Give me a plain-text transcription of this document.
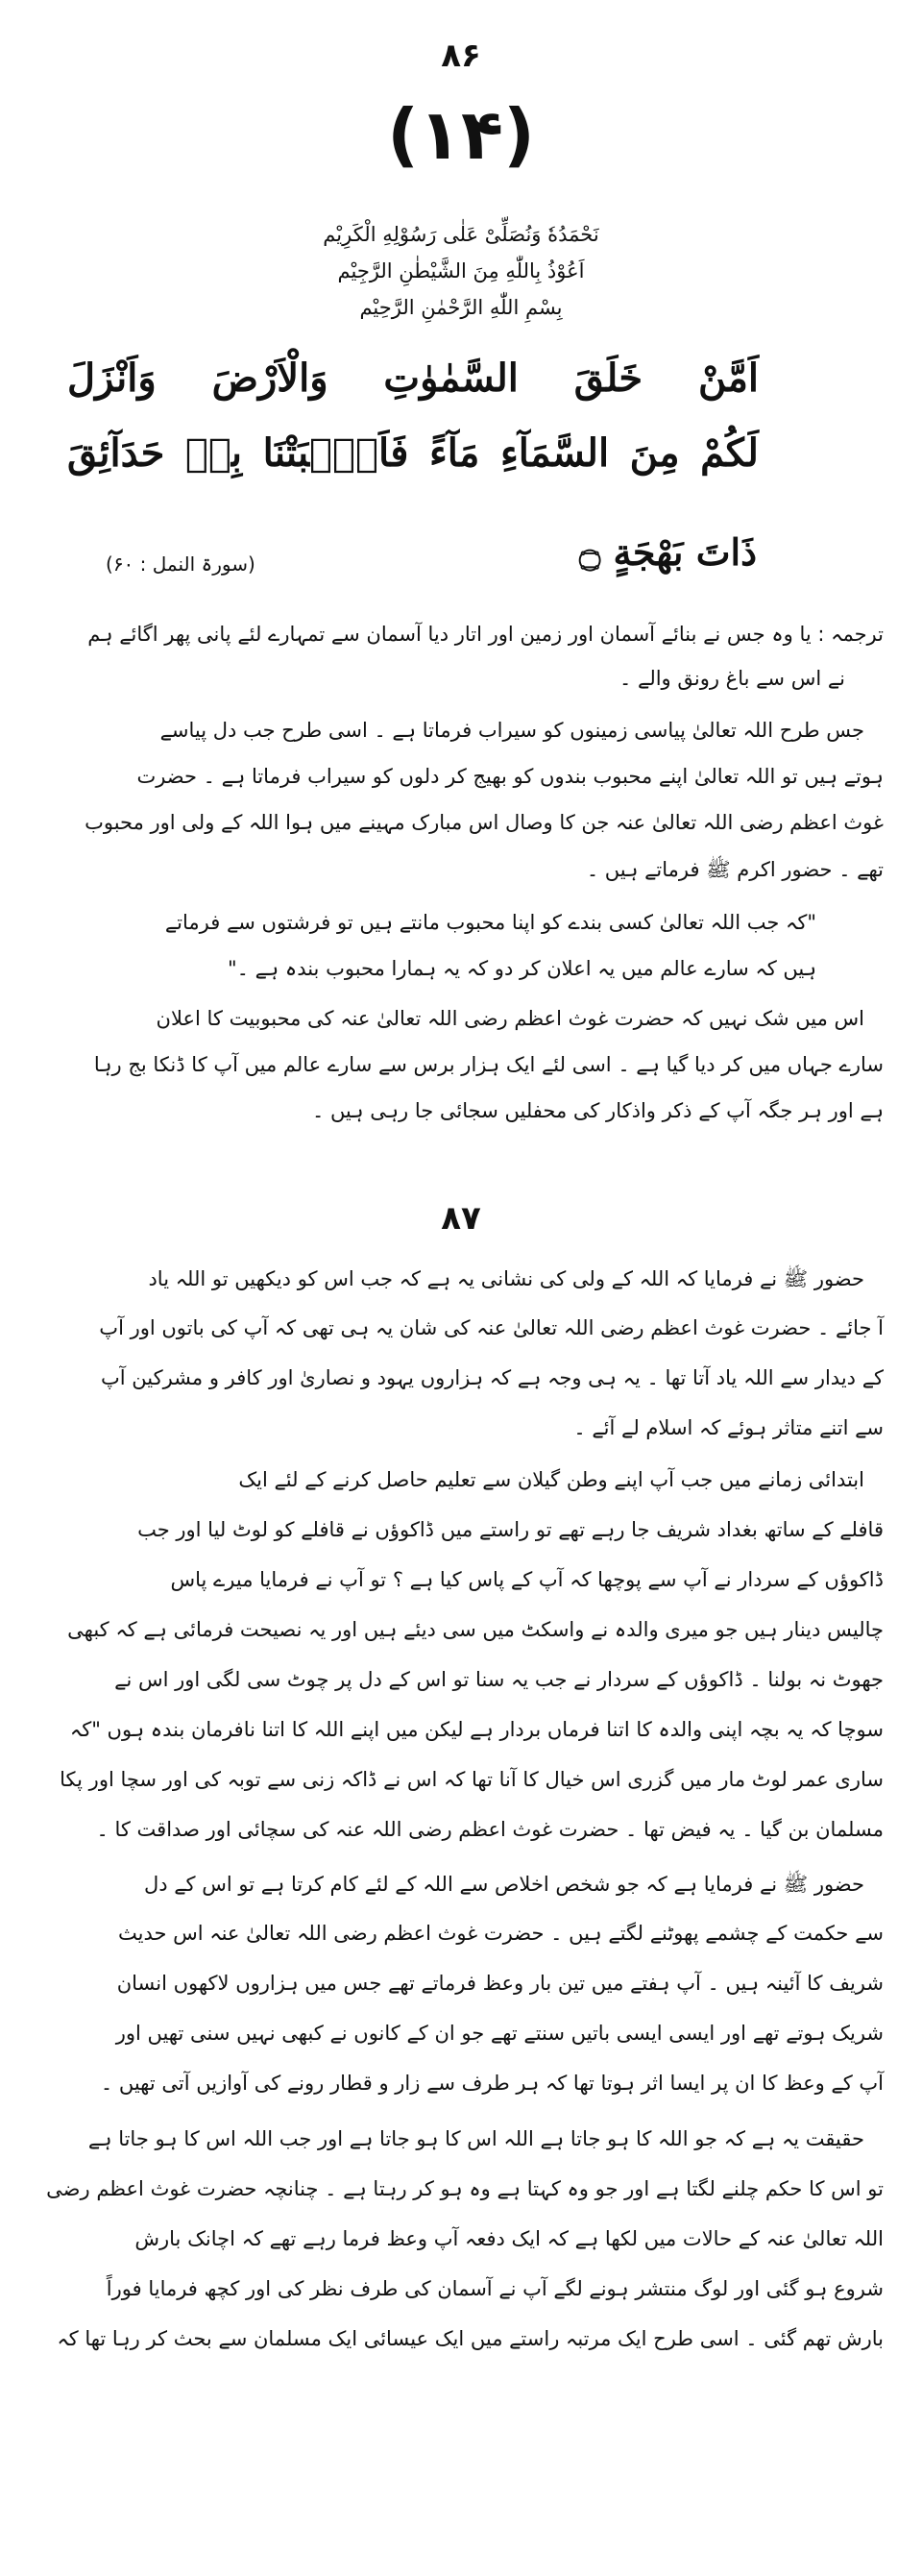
۸۶
(۱۴)
نَحْمَدُهٗ وَنُصَلِّیْ عَلٰی رَسُوْلِهِ الْکَرِیْم
اَعُوْذُ بِاللّٰهِ مِنَ الشَّیْطٰنِ الرَّجِیْم
بِسْمِ اللّٰهِ الرَّحْمٰنِ الرَّحِیْم
اَمَّنْ خَلَقَ السَّمٰوٰتِ وَالْاَرْضَ وَاَنْزَلَ
لَکُمْ مِنَ السَّمَآءِ مَآءً فَاَنْۢبَتْنَا بِهٖ حَدَآئِقَ
ذَاتَ بَهْجَةٍ ۝
(سورۃ النمل : ۶۰)
ترجمہ : یا وہ جس نے بنائے آسمان اور زمین اور اتار دیا آسمان سے تمہارے لئے پانی پھر اگائے ہم
نے اس سے باغ رونق والے ۔
جس طرح اللہ تعالیٰ پیاسی زمینوں کو سیراب فرماتا ہے ۔ اسی طرح جب دل پیاسے
ہوتے ہیں تو اللہ تعالیٰ اپنے محبوب بندوں کو بھیج کر دلوں کو سیراب فرماتا ہے ۔ حضرت
غوث اعظم رضی اللہ تعالیٰ عنہ جن کا وصال اس مبارک مہینے میں ہوا اللہ کے ولی اور محبوب
تھے ۔ حضور اکرم ﷺ فرماتے ہیں ۔
"کہ جب اللہ تعالیٰ کسی بندے کو اپنا محبوب مانتے ہیں تو فرشتوں سے فرماتے
ہیں کہ سارے عالم میں یہ اعلان کر دو کہ یہ ہمارا محبوب بندہ ہے ۔"
اس میں شک نہیں کہ حضرت غوث اعظم رضی اللہ تعالیٰ عنہ کی محبوبیت کا اعلان
سارے جہاں میں کر دیا گیا ہے ۔ اسی لئے ایک ہزار برس سے سارے عالم میں آپ کا ڈنکا بج رہا
ہے اور ہر جگہ آپ کے ذکر واذکار کی محفلیں سجائی جا رہی ہیں ۔
۸۷
حضور ﷺ نے فرمایا کہ اللہ کے ولی کی نشانی یہ ہے کہ جب اس کو دیکھیں تو اللہ یاد
آ جائے ۔ حضرت غوث اعظم رضی اللہ تعالیٰ عنہ کی شان یہ ہی تھی کہ آپ کی باتوں اور آپ
کے دیدار سے اللہ یاد آتا تھا ۔ یہ ہی وجہ ہے کہ ہزاروں یہود و نصاریٰ اور کافر و مشرکین آپ
سے اتنے متاثر ہوئے کہ اسلام لے آئے ۔
ابتدائی زمانے میں جب آپ اپنے وطن گیلان سے تعلیم حاصل کرنے کے لئے ایک
قافلے کے ساتھ بغداد شریف جا رہے تھے تو راستے میں ڈاکوؤں نے قافلے کو لوٹ لیا اور جب
ڈاکوؤں کے سردار نے آپ سے پوچھا کہ آپ کے پاس کیا ہے ؟ تو آپ نے فرمایا میرے پاس
چالیس دینار ہیں جو میری والدہ نے واسکٹ میں سی دیئے ہیں اور یہ نصیحت فرمائی ہے کہ کبھی
جھوٹ نہ بولنا ۔ ڈاکوؤں کے سردار نے جب یہ سنا تو اس کے دل پر چوٹ سی لگی اور اس نے
سوچا کہ یہ بچہ اپنی والدہ کا اتنا فرماں بردار ہے لیکن میں اپنے اللہ کا اتنا نافرمان بندہ ہوں "کہ
ساری عمر لوٹ مار میں گزری اس خیال کا آنا تھا کہ اس نے ڈاکہ زنی سے توبہ کی اور سچا اور پکا
مسلمان بن گیا ۔ یہ فیض تھا ۔ حضرت غوث اعظم رضی اللہ عنہ کی سچائی اور صداقت کا ۔
حضور ﷺ نے فرمایا ہے کہ جو شخص اخلاص سے اللہ کے لئے کام کرتا ہے تو اس کے دل
سے حکمت کے چشمے پھوٹنے لگتے ہیں ۔ حضرت غوث اعظم رضی اللہ تعالیٰ عنہ اس حدیث
شریف کا آئینہ ہیں ۔ آپ ہفتے میں تین بار وعظ فرماتے تھے جس میں ہزاروں لاکھوں انسان
شریک ہوتے تھے اور ایسی ایسی باتیں سنتے تھے جو ان کے کانوں نے کبھی نہیں سنی تھیں اور
آپ کے وعظ کا ان پر ایسا اثر ہوتا تھا کہ ہر طرف سے زار و قطار رونے کی آوازیں آتی تھیں ۔
حقیقت یہ ہے کہ جو اللہ کا ہو جاتا ہے اللہ اس کا ہو جاتا ہے اور جب اللہ اس کا ہو جاتا ہے
تو اس کا حکم چلنے لگتا ہے اور جو وہ کہتا ہے وہ ہو کر رہتا ہے ۔ چنانچہ حضرت غوث اعظم رضی
اللہ تعالیٰ عنہ کے حالات میں لکھا ہے کہ ایک دفعہ آپ وعظ فرما رہے تھے کہ اچانک بارش
شروع ہو گئی اور لوگ منتشر ہونے لگے آپ نے آسمان کی طرف نظر کی اور کچھ فرمایا فوراً
بارش تھم گئی ۔ اسی طرح ایک مرتبہ راستے میں ایک عیسائی ایک مسلمان سے بحث کر رہا تھا کہ
